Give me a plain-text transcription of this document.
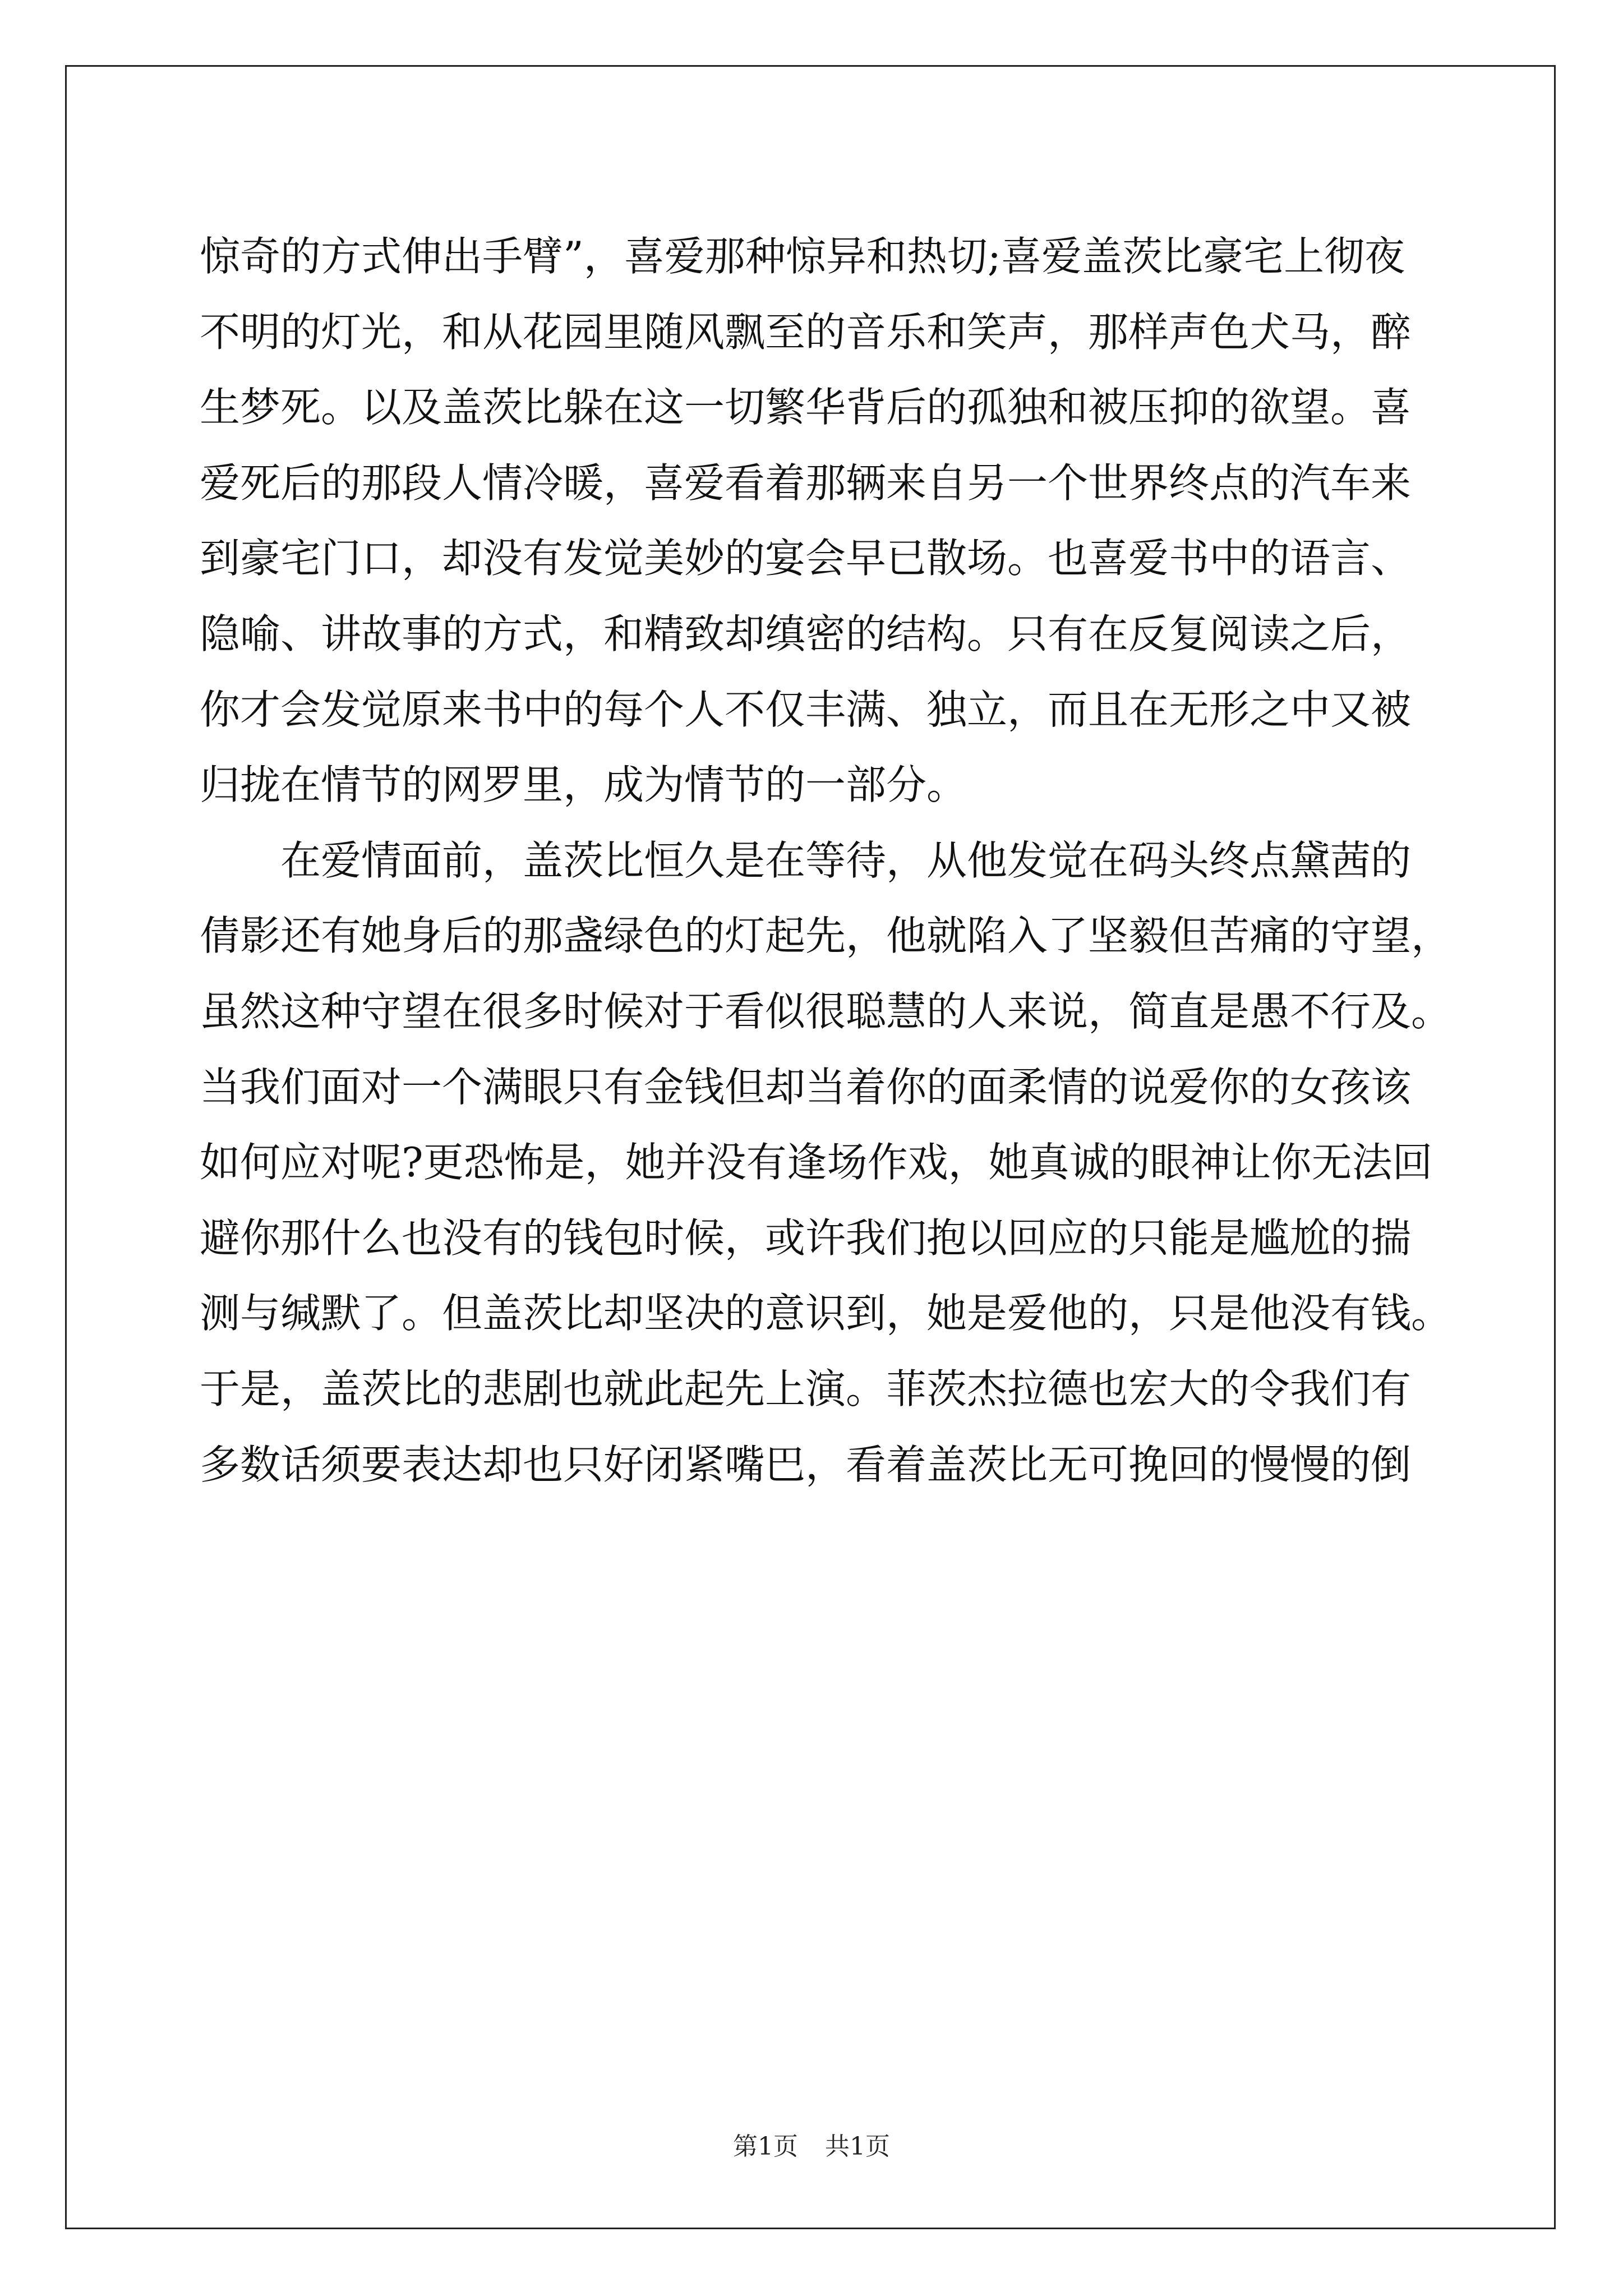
惊奇的方式伸出手臂”，喜爱那种惊异和热切;喜爱盖茨比豪宅上彻夜
不明的灯光，和从花园里随风飘至的音乐和笑声，那样声色犬马，醉
生梦死。以及盖茨比躲在这一切繁华背后的孤独和被压抑的欲望。喜
爱死后的那段人情冷暖，喜爱看着那辆来自另一个世界终点的汽车来
到豪宅门口，却没有发觉美妙的宴会早已散场。也喜爱书中的语言、
隐喻、讲故事的方式，和精致却缜密的结构。只有在反复阅读之后，
你才会发觉原来书中的每个人不仅丰满、独立，而且在无形之中又被
归拢在情节的网罗里，成为情节的一部分。
在爱情面前，盖茨比恒久是在等待，从他发觉在码头终点黛茜的
倩影还有她身后的那盏绿色的灯起先，他就陷入了坚毅但苦痛的守望，
虽然这种守望在很多时候对于看似很聪慧的人来说，简直是愚不行及。
当我们面对一个满眼只有金钱但却当着你的面柔情的说爱你的女孩该
如何应对呢?更恐怖是，她并没有逢场作戏，她真诚的眼神让你无法回
避你那什么也没有的钱包时候，或许我们抱以回应的只能是尴尬的揣
测与缄默了。但盖茨比却坚决的意识到，她是爱他的，只是他没有钱。
于是，盖茨比的悲剧也就此起先上演。菲茨杰拉德也宏大的令我们有
多数话须要表达却也只好闭紧嘴巴，看着盖茨比无可挽回的慢慢的倒
第1页 共1页
